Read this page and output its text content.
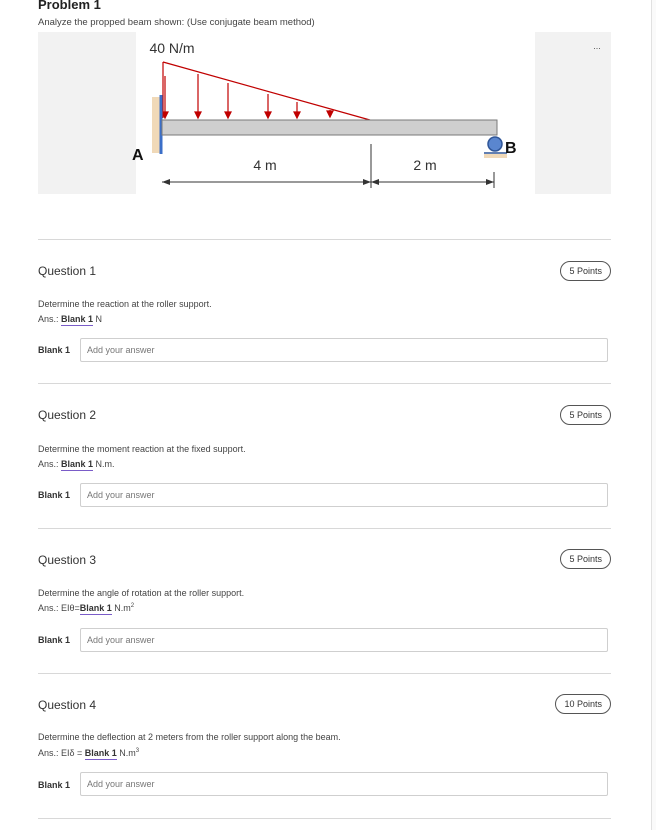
Problem 1
Analyze the propped beam shown: (Use conjugate beam method)
...
40 N/m
A	B
4 m	2 m
Question 1	5 Points
Determine the reaction at the roller support.
Ans.: Blank 1 N
Blank 1
Add your answer
Question 2	5 Points
Determine the moment reaction at the fixed support.
Ans.: Blank 1 N.m.
Blank 1
Add your answer
Question 3	5 Points
Determine the angle of rotation at the roller support.
Ans.: EIθ=Blank 1 $N.m^2$
Blank 1
Add your answer
Question 4	10 Points
Determine the deflection at 2 meters from the roller support along the beam.
Ans.: EIδ = Blank 1 $N.m^3$
Blank 1
Add your answer
